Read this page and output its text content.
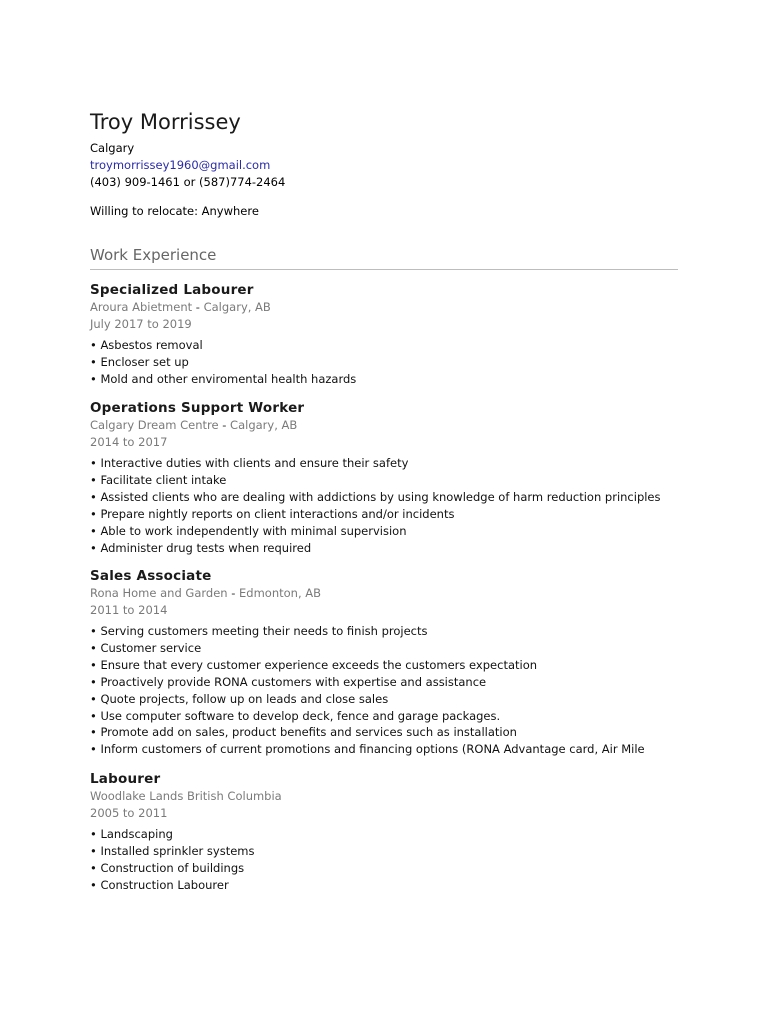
Troy Morrissey
Calgary
troymorrissey1960@gmail.com
(403) 909-1461 or (587)774-2464
Willing to relocate: Anywhere
Work Experience
Specialized Labourer
Aroura Abietment - Calgary, AB
July 2017 to 2019
• Asbestos removal
• Encloser set up
• Mold and other enviromental health hazards
Operations Support Worker
Calgary Dream Centre - Calgary, AB
2014 to 2017
• Interactive duties with clients and ensure their safety
• Facilitate client intake
• Assisted clients who are dealing with addictions by using knowledge of harm reduction principles
• Prepare nightly reports on client interactions and/or incidents
• Able to work independently with minimal supervision
• Administer drug tests when required
Sales Associate
Rona Home and Garden - Edmonton, AB
2011 to 2014
• Serving customers meeting their needs to finish projects
• Customer service
• Ensure that every customer experience exceeds the customers expectation
• Proactively provide RONA customers with expertise and assistance
• Quote projects, follow up on leads and close sales
• Use computer software to develop deck, fence and garage packages.
• Promote add on sales, product benefits and services such as installation
• Inform customers of current promotions and financing options (RONA Advantage card, Air Mile
Labourer
Woodlake Lands British Columbia
2005 to 2011
• Landscaping
• Installed sprinkler systems
• Construction of buildings
• Construction Labourer
